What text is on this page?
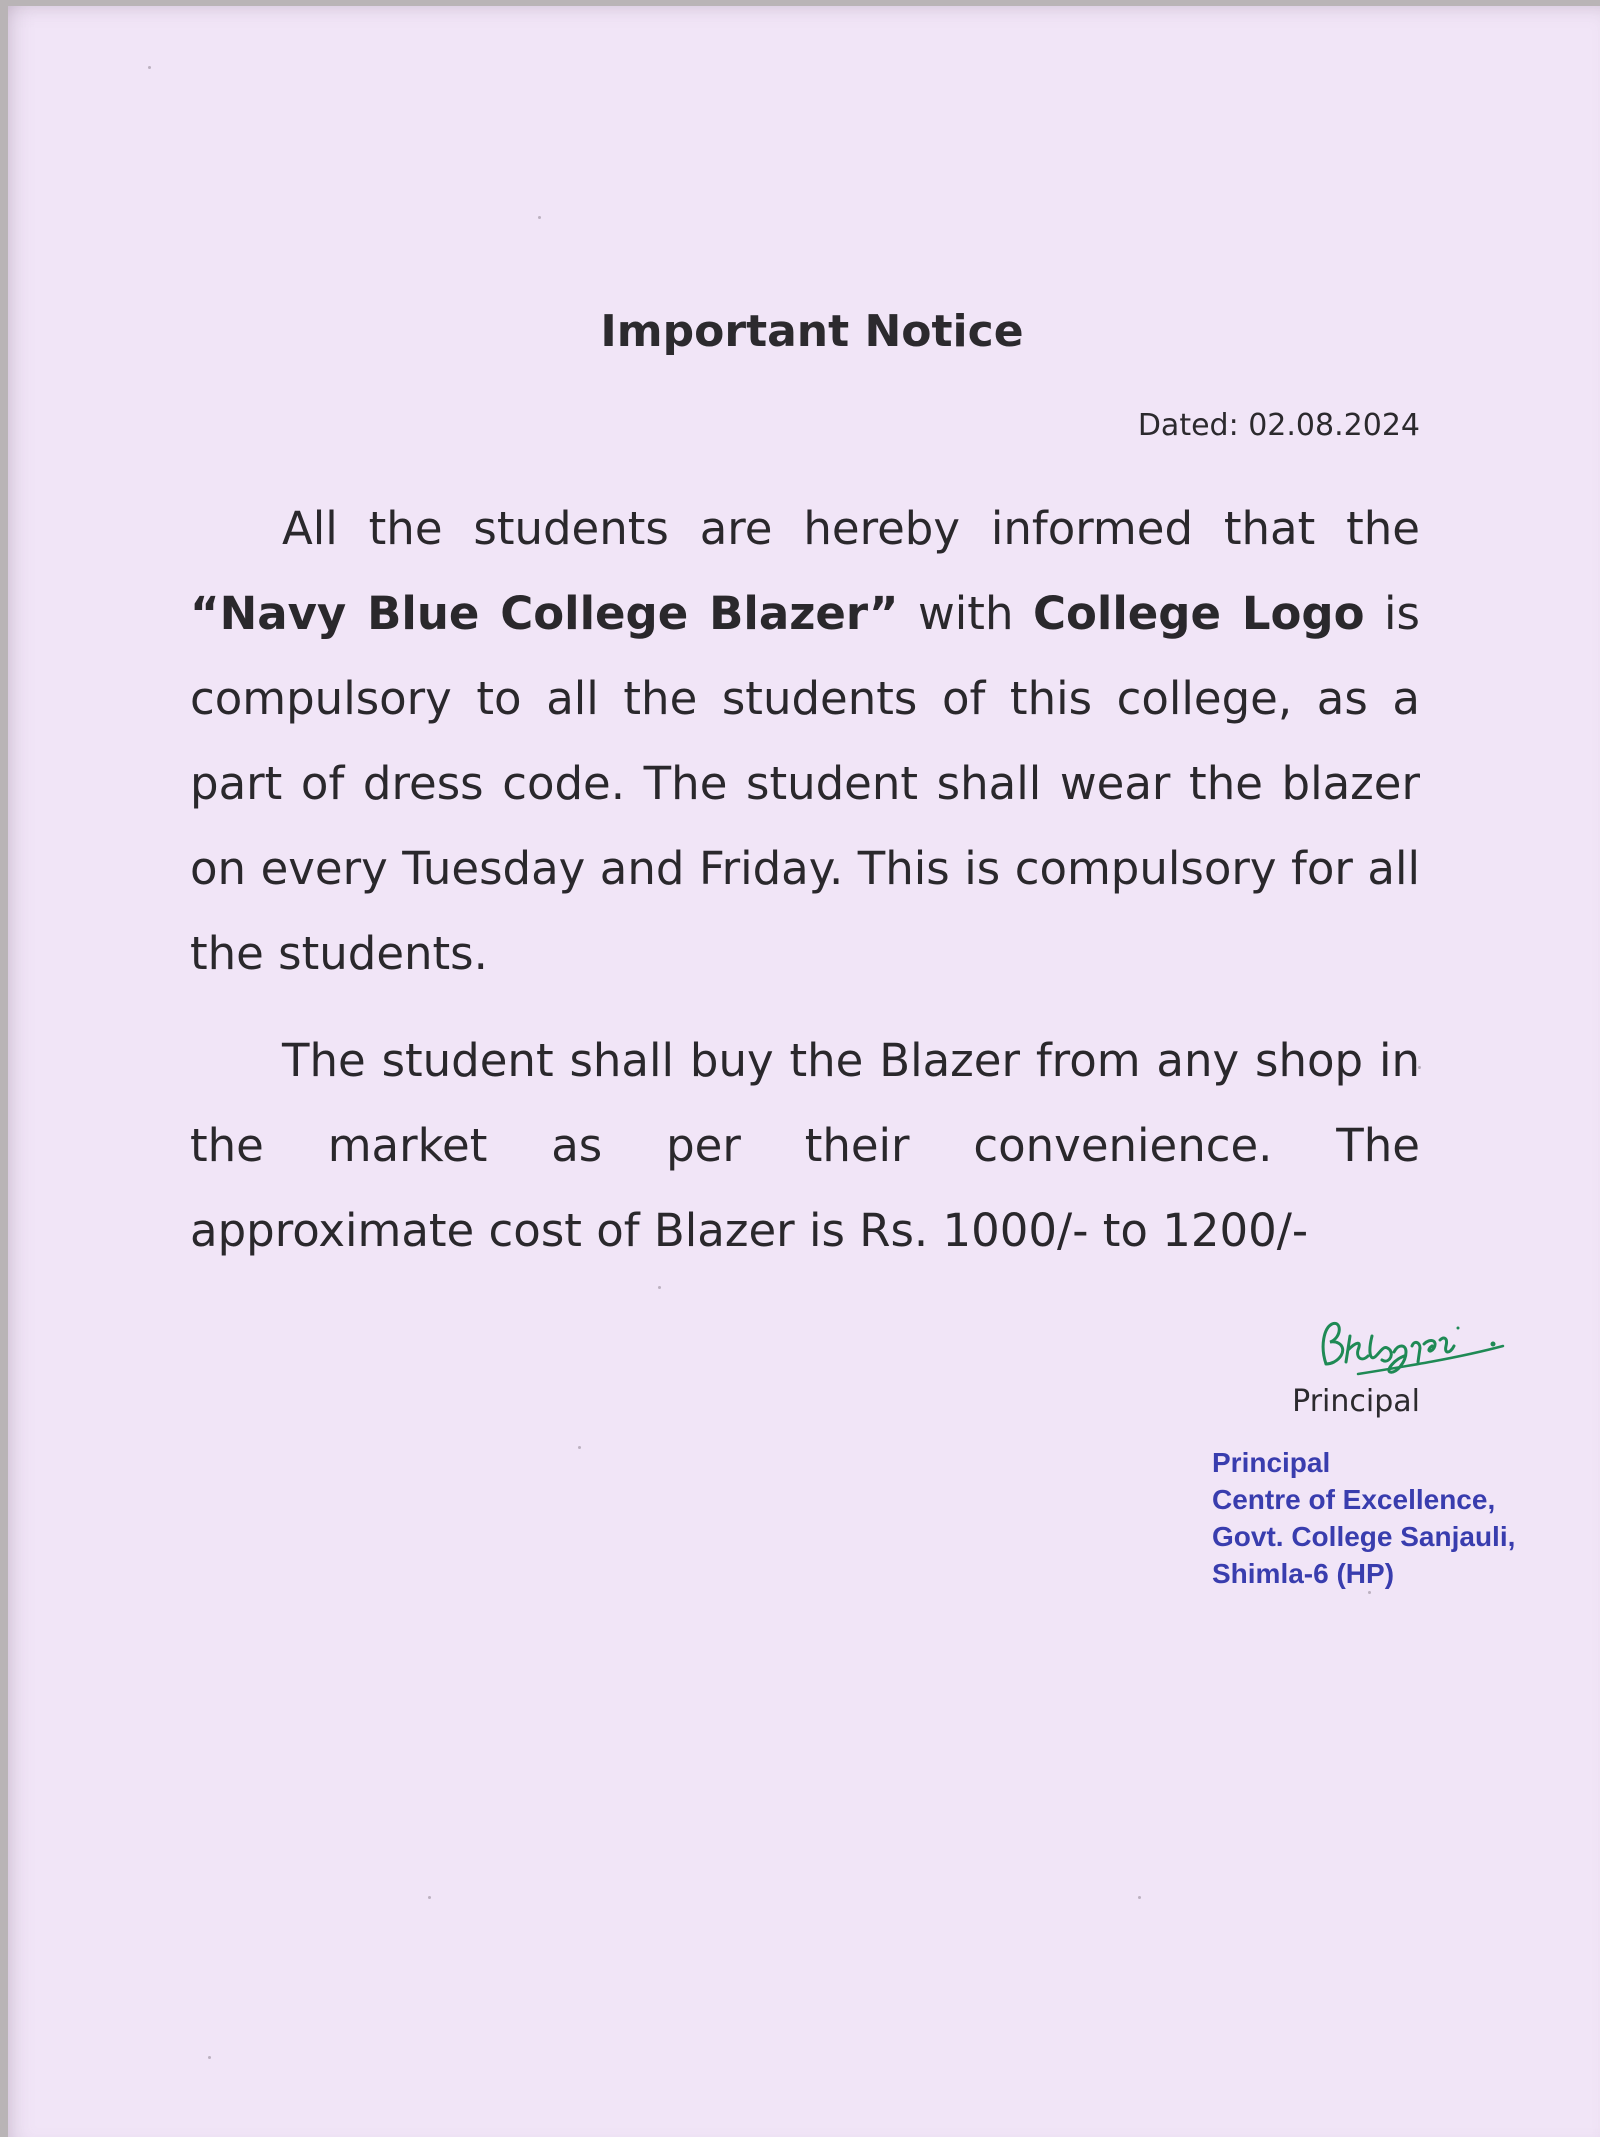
Important Notice
Dated: 02.08.2024
All the students are hereby informed that the “Navy Blue College Blazer” with College Logo is compulsory to all the students of this college, as a part of dress code. The student shall wear the blazer on every Tuesday and Friday. This is compulsory for all the students.
The student shall buy the Blazer from any shop in the market as per their convenience. The approximate cost of Blazer is Rs. 1000/- to 1200/-
Principal
Principal
Centre of Excellence,
Govt. College Sanjauli,
Shimla-6 (HP)
